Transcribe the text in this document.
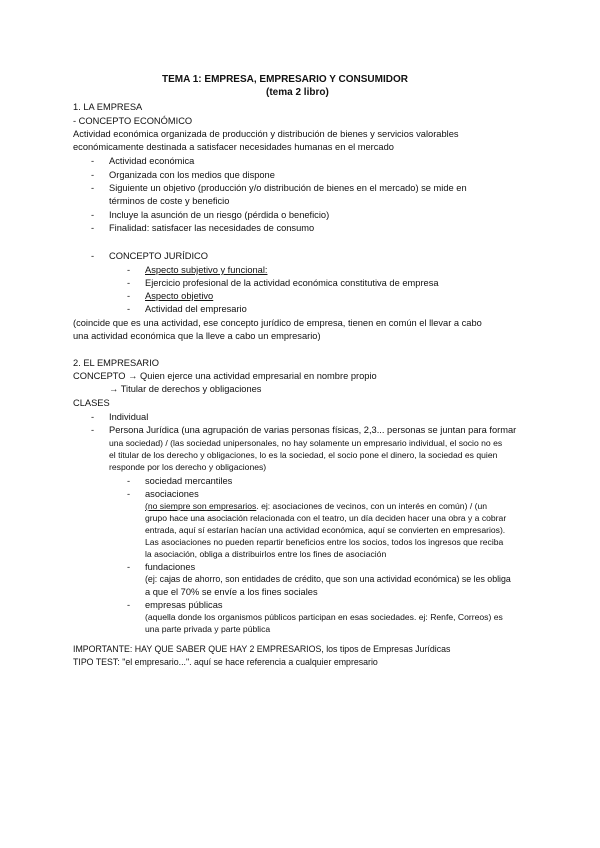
TEMA 1: EMPRESA, EMPRESARIO Y CONSUMIDOR
(tema 2 libro)
1. LA EMPRESA
- CONCEPTO ECONÓMICO
Actividad económica organizada de producción y distribución de bienes y servicios valorables
económicamente destinada a satisfacer necesidades humanas en el mercado
- Actividad económica
- Organizada con los medios que dispone
- Siguiente un objetivo (producción y/o distribución de bienes en el mercado) se mide en
términos de coste y beneficio
- Incluye la asunción de un riesgo (pérdida o beneficio)
- Finalidad: satisfacer las necesidades de consumo
- CONCEPTO JURÍDICO
- Aspecto subjetivo y funcional:
- Ejercicio profesional de la actividad económica constitutiva de empresa
- Aspecto objetivo
- Actividad del empresario
(coincide que es una actividad, ese concepto jurídico de empresa, tienen en común el llevar a cabo
una actividad económica que la lleve a cabo un empresario)
2. EL EMPRESARIO
CONCEPTO → Quien ejerce una actividad empresarial en nombre propio
→ Titular de derechos y obligaciones
CLASES
- Individual
- Persona Jurídica (una agrupación de varias personas físicas, 2,3... personas se juntan para formar
una sociedad) / (las sociedad unipersonales, no hay solamente un empresario individual, el socio no es
el titular de los derecho y obligaciones, lo es la sociedad, el socio pone el dinero, la sociedad es quien
responde por los derecho y obligaciones)
- sociedad mercantiles
- asociaciones
(no siempre son empresarios. ej: asociaciones de vecinos, con un interés en común) / (un
grupo hace una asociación relacionada con el teatro, un día deciden hacer una obra y a cobrar
entrada, aquí sí estarían hacían una actividad económica, aquí se convierten en empresarios).
Las asociaciones no pueden repartir beneficios entre los socios, todos los ingresos que reciba
la asociación, obliga a distribuirlos entre los fines de asociación
- fundaciones
(ej: cajas de ahorro, son entidades de crédito, que son una actividad económica) se les obliga
a que el 70% se envíe a los fines sociales
- empresas públicas
(aquella donde los organismos públicos participan en esas sociedades. ej: Renfe, Correos) es
una parte privada y parte pública
IMPORTANTE: HAY QUE SABER QUE HAY 2 EMPRESARIOS, los tipos de Empresas Jurídicas
TIPO TEST: "el empresario...". aquí se hace referencia a cualquier empresario
